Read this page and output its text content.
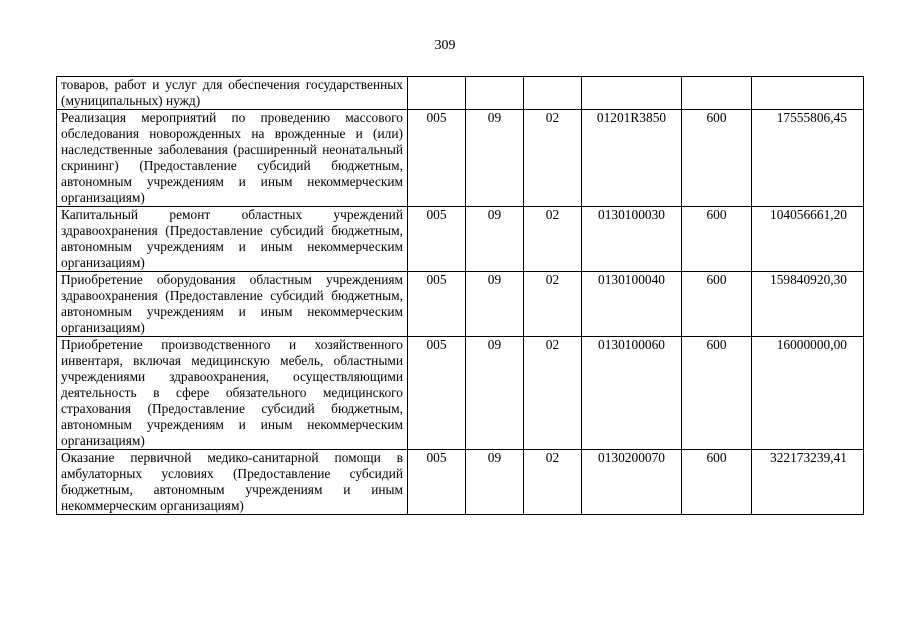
309
товаров, работ и услуг для обеспечения государственных (муниципальных) нужд)						
Реализация мероприятий по проведению массового обследования новорожденных на врожденные и (или) наследственные заболевания (расширенный неонатальный скрининг) (Предоставление субсидий бюджетным, автономным учреждениям и иным некоммерческим организациям)	005	09	02	01201R3850	600	17555806,45
Капитальный ремонт областных учреждений здравоохранения (Предоставление субсидий бюджетным, автономным учреждениям и иным некоммерческим организациям)	005	09	02	0130100030	600	104056661,20
Приобретение оборудования областным учреждениям здравоохранения (Предоставление субсидий бюджетным, автономным учреждениям и иным некоммерческим организациям)	005	09	02	0130100040	600	159840920,30
Приобретение производственного и хозяйственного инвентаря, включая медицинскую мебель, областными учреждениями здравоохранения, осуществляющими деятельность в сфере обязательного медицинского страхования (Предоставление субсидий бюджетным, автономным учреждениям и иным некоммерческим организациям)	005	09	02	0130100060	600	16000000,00
Оказание первичной медико-санитарной помощи в амбулаторных условиях (Предоставление субсидий бюджетным, автономным учреждениям и иным некоммерческим организациям)	005	09	02	0130200070	600	322173239,41
